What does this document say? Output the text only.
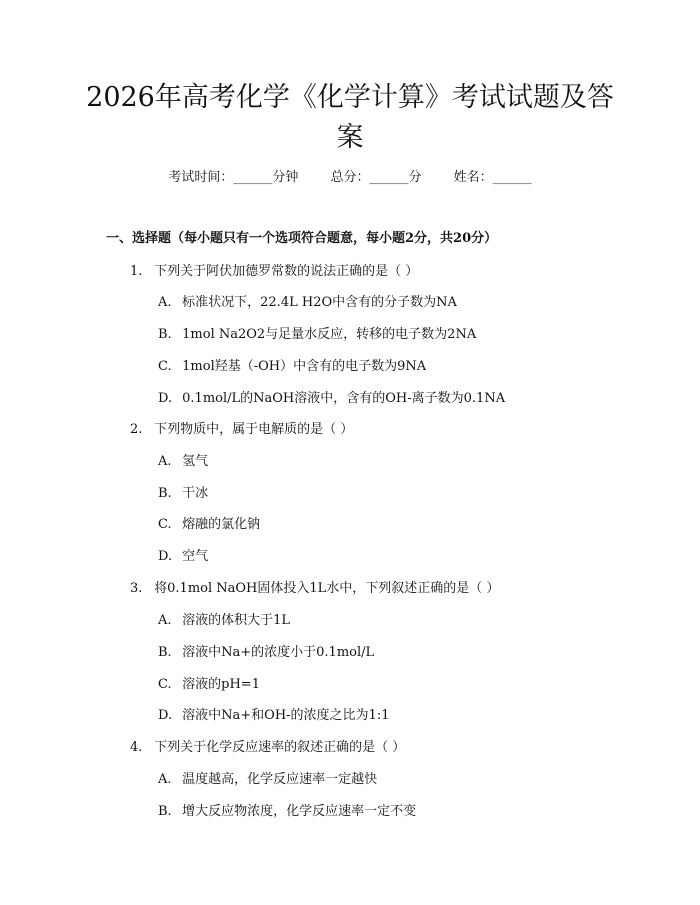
2026年高考化学《化学计算》考试试题及答案
考试时间：______分钟 总分：______分 姓名：______
一、选择题（每小题只有一个选项符合题意，每小题2分，共20分）
1. 下列关于阿伏加德罗常数的说法正确的是（ ）
A. 标准状况下，22.4L H2O中含有的分子数为NA
B. 1mol Na2O2与足量水反应，转移的电子数为2NA
C. 1mol羟基（-OH）中含有的电子数为9NA
D. 0.1mol/L的NaOH溶液中，含有的OH-离子数为0.1NA
2. 下列物质中，属于电解质的是（ ）
A. 氢气
B. 干冰
C. 熔融的氯化钠
D. 空气
3. 将0.1mol NaOH固体投入1L水中，下列叙述正确的是（ ）
A. 溶液的体积大于1L
B. 溶液中Na+的浓度小于0.1mol/L
C. 溶液的pH=1
D. 溶液中Na+和OH-的浓度之比为1:1
4. 下列关于化学反应速率的叙述正确的是（ ）
A. 温度越高，化学反应速率一定越快
B. 增大反应物浓度，化学反应速率一定不变
